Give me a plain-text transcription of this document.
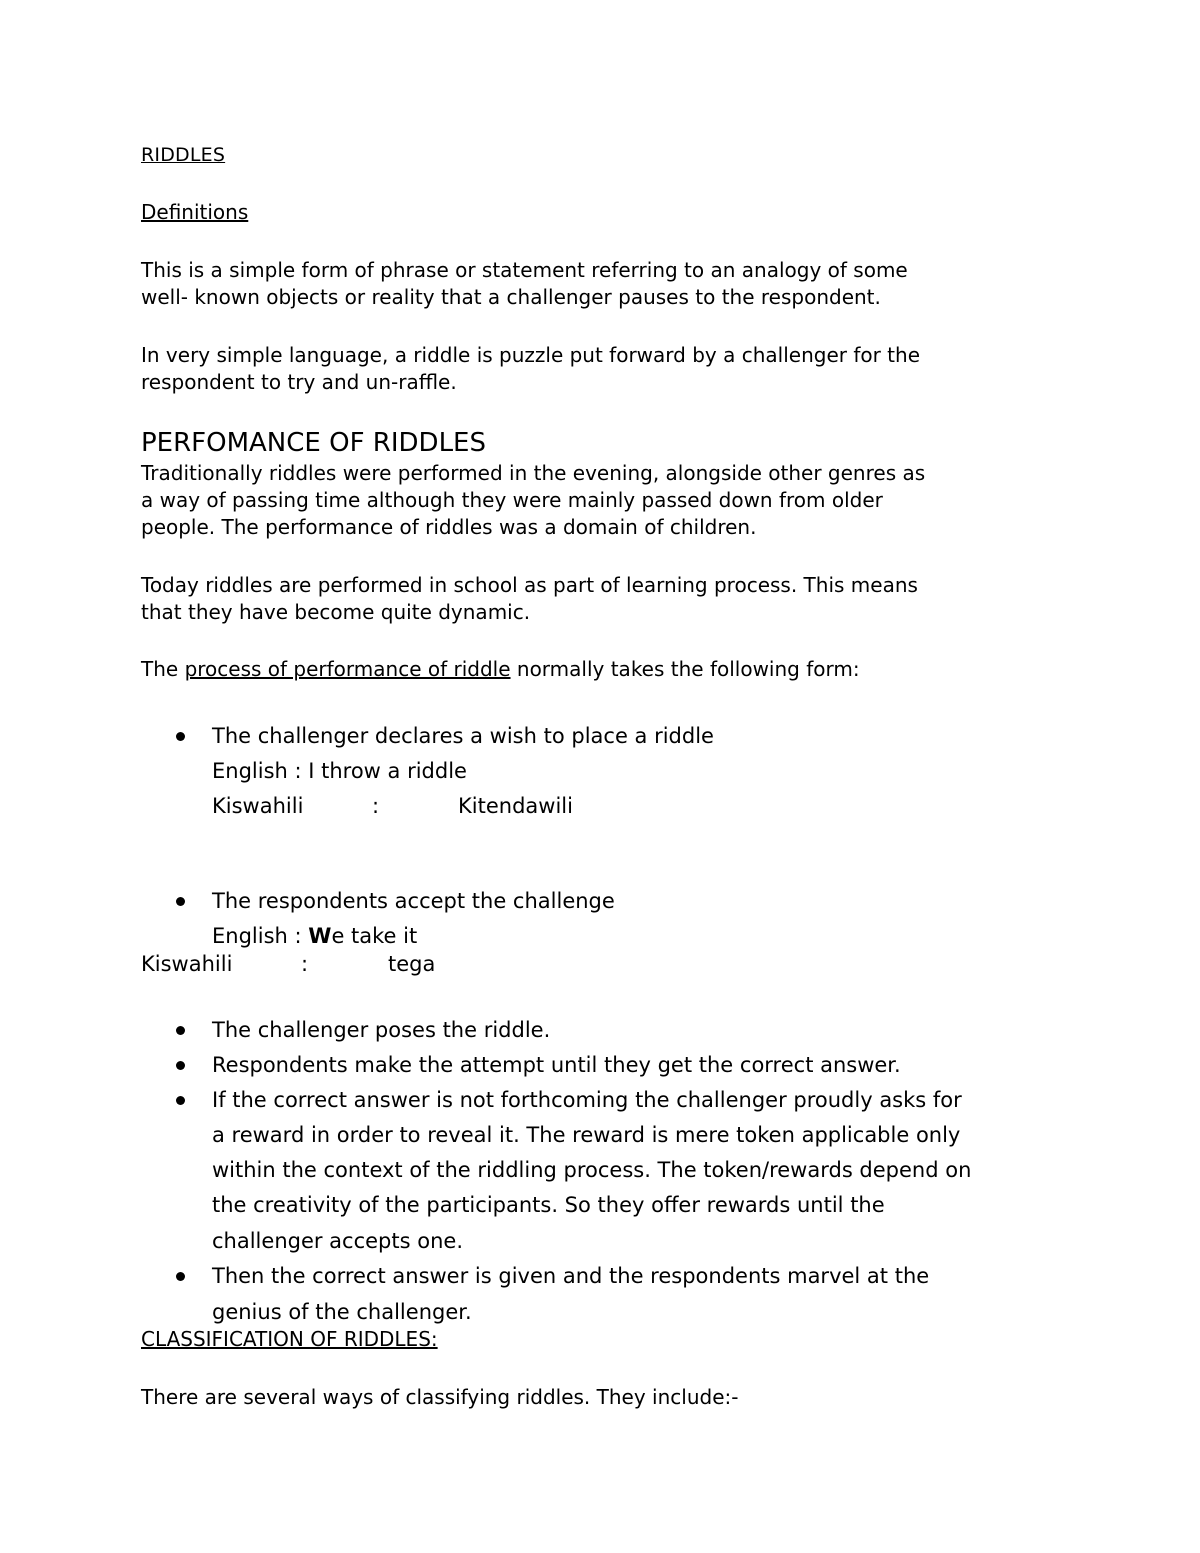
RIDDLES
Definitions
This is a simple form of phrase or statement referring to an analogy of some
well- known objects or reality that a challenger pauses to the respondent.
In very simple language, a riddle is puzzle put forward by a challenger for the
respondent to try and un-raffle.
PERFOMANCE OF RIDDLES
Traditionally riddles were performed in the evening, alongside other genres as
a way of passing time although they were mainly passed down from older
people. The performance of riddles was a domain of children.
Today riddles are performed in school as part of learning process. This means
that they have become quite dynamic.
The process of performance of riddle normally takes the following form:
The challenger declares a wish to place a riddle
English : I throw a riddle
Kiswahili	:	Kitendawili
The respondents accept the challenge
English : We take it
Kiswahili	:	tega
The challenger poses the riddle.
Respondents make the attempt until they get the correct answer.
If the correct answer is not forthcoming the challenger proudly asks for
a reward in order to reveal it. The reward is mere token applicable only
within the context of the riddling process. The token/rewards depend on
the creativity of the participants. So they offer rewards until the
challenger accepts one.
Then the correct answer is given and the respondents marvel at the
genius of the challenger.
CLASSIFICATION OF RIDDLES:
There are several ways of classifying riddles. They include:-
